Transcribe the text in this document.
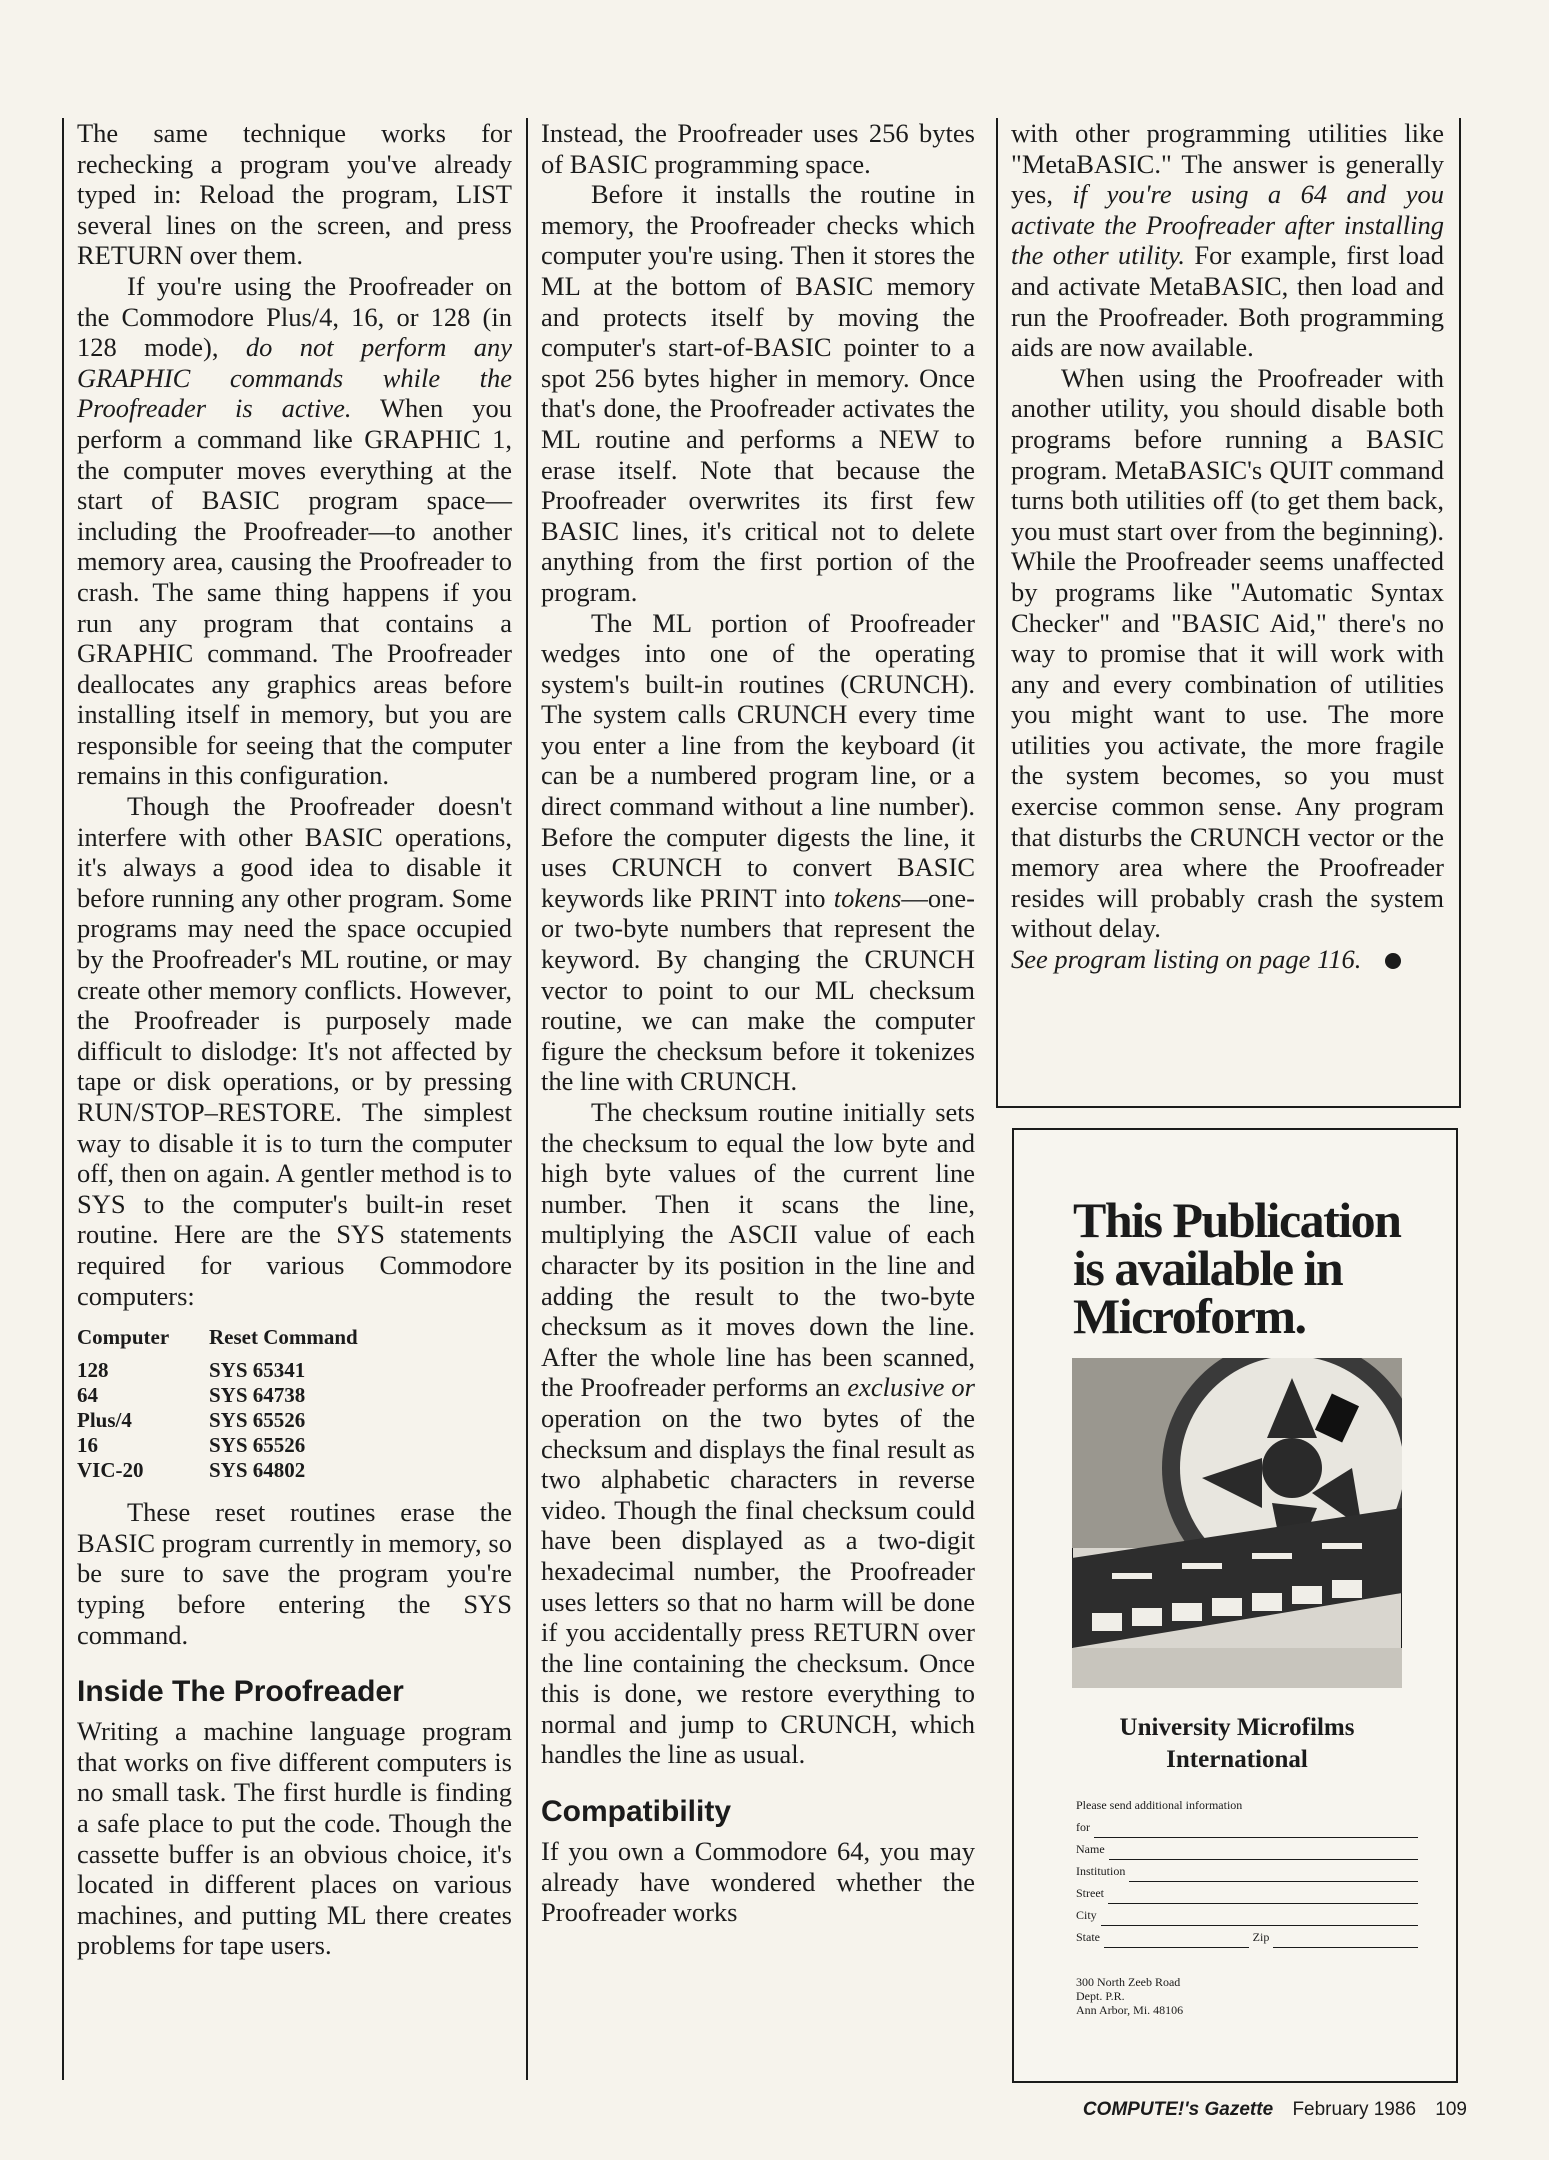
The same technique works for rechecking a program you've already typed in: Reload the program, LIST several lines on the screen, and press RETURN over them.

If you're using the Proofreader on the Commodore Plus/4, 16, or 128 (in 128 mode), do not perform any GRAPHIC commands while the Proofreader is active. When you perform a command like GRAPHIC 1, the computer moves everything at the start of BASIC program space—including the Proofreader—to another memory area, causing the Proofreader to crash. The same thing happens if you run any program that contains a GRAPHIC command. The Proofreader deallocates any graphics areas before installing itself in memory, but you are responsible for seeing that the computer remains in this configuration.

Though the Proofreader doesn't interfere with other BASIC operations, it's always a good idea to disable it before running any other program. Some programs may need the space occupied by the Proofreader's ML routine, or may create other memory conflicts. However, the Proofreader is purposely made difficult to dislodge: It's not affected by tape or disk operations, or by pressing RUN/STOP–RESTORE. The simplest way to disable it is to turn the computer off, then on again. A gentler method is to SYS to the computer's built-in reset routine. Here are the SYS statements required for various Commodore computers:

Computer	Reset Command
128	SYS 65341
64	SYS 64738
Plus/4	SYS 65526
16	SYS 65526
VIC-20	SYS 64802

These reset routines erase the BASIC program currently in memory, so be sure to save the program you're typing before entering the SYS command.

Inside The Proofreader

Writing a machine language program that works on five different computers is no small task. The first hurdle is finding a safe place to put the code. Though the cassette buffer is an obvious choice, it's located in different places on various machines, and putting ML there creates problems for tape users.

Instead, the Proofreader uses 256 bytes of BASIC programming space.

Before it installs the routine in memory, the Proofreader checks which computer you're using. Then it stores the ML at the bottom of BASIC memory and protects itself by moving the computer's start-of-BASIC pointer to a spot 256 bytes higher in memory. Once that's done, the Proofreader activates the ML routine and performs a NEW to erase itself. Note that because the Proofreader overwrites its first few BASIC lines, it's critical not to delete anything from the first portion of the program.

The ML portion of Proofreader wedges into one of the operating system's built-in routines (CRUNCH). The system calls CRUNCH every time you enter a line from the keyboard (it can be a numbered program line, or a direct command without a line number). Before the computer digests the line, it uses CRUNCH to convert BASIC keywords like PRINT into tokens—one- or two-byte numbers that represent the keyword. By changing the CRUNCH vector to point to our ML checksum routine, we can make the computer figure the checksum before it tokenizes the line with CRUNCH.

The checksum routine initially sets the checksum to equal the low byte and high byte values of the current line number. Then it scans the line, multiplying the ASCII value of each character by its position in the line and adding the result to the two-byte checksum as it moves down the line. After the whole line has been scanned, the Proofreader performs an exclusive or operation on the two bytes of the checksum and displays the final result as two alphabetic characters in reverse video. Though the final checksum could have been displayed as a two-digit hexadecimal number, the Proofreader uses letters so that no harm will be done if you accidentally press RETURN over the line containing the checksum. Once this is done, we restore everything to normal and jump to CRUNCH, which handles the line as usual.

Compatibility

If you own a Commodore 64, you may already have wondered whether the Proofreader works

with other programming utilities like "MetaBASIC." The answer is generally yes, if you're using a 64 and you activate the Proofreader after installing the other utility. For example, first load and activate MetaBASIC, then load and run the Proofreader. Both programming aids are now available.

When using the Proofreader with another utility, you should disable both programs before running a BASIC program. MetaBASIC's QUIT command turns both utilities off (to get them back, you must start over from the beginning). While the Proofreader seems unaffected by programs like "Automatic Syntax Checker" and "BASIC Aid," there's no way to promise that it will work with any and every combination of utilities you might want to use. The more utilities you activate, the more fragile the system becomes, so you must exercise common sense. Any program that disturbs the CRUNCH vector or the memory area where the Proofreader resides will probably crash the system without delay.

See program listing on page 116.

This Publication is available in Microform.
University Microfilms
International
Please send additional information
for
Name
Institution
Street
City
State	Zip
300 North Zeeb Road
Dept. P.R.
Ann Arbor, Mi. 48106
COMPUTE!'s Gazette February 1986 109
